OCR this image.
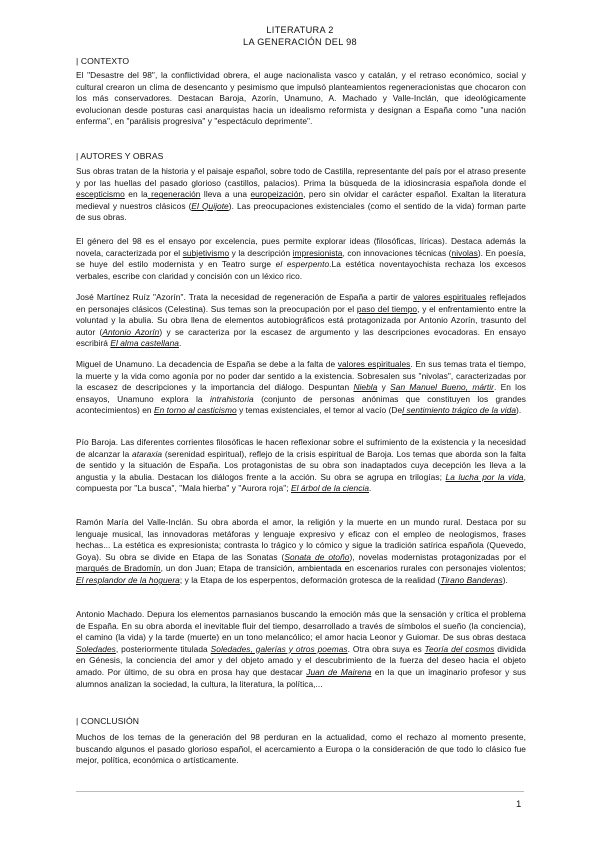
LITERATURA 2
LA GENERACIÓN DEL 98
| CONTEXTO
El "Desastre del 98", la conflictividad obrera, el auge nacionalista vasco y catalán, y el retraso económico, social y cultural crearon un clima de desencanto y pesimismo que impulsó planteamientos regeneracionistas que chocaron con los más conservadores. Destacan Baroja, Azorín, Unamuno, A. Machado y Valle-Inclán, que ideológicamente evolucionan desde posturas casi anarquistas hacia un idealismo reformista y designan a España como "una nación enferma", en "parálisis progresiva" y "espectáculo deprimente".
| AUTORES Y OBRAS
Sus obras tratan de la historia y el paisaje español, sobre todo de Castilla, representante del país por el atraso presente y por las huellas del pasado glorioso (castillos, palacios). Prima la búsqueda de la idiosincrasia española donde el escepticismo en la regeneración lleva a una europeización, pero sin olvidar el carácter español. Exaltan la literatura medieval y nuestros clásicos (El Quijote). Las preocupaciones existenciales (como el sentido de la vida) forman parte de sus obras.
El género del 98 es el ensayo por excelencia, pues permite explorar ideas (filosóficas, líricas). Destaca además la novela, caracterizada por el subjetivismo y la descripción impresionista, con innovaciones técnicas (nivolas). En poesía, se huye del estilo modernista y en Teatro surge el esperpento.La estética noventayochista rechaza los excesos verbales, escribe con claridad y concisión con un léxico rico.
José Martínez Ruíz "Azorín". Trata la necesidad de regeneración de España a partir de valores espirituales reflejados en personajes clásicos (Celestina). Sus temas son la preocupación por el paso del tiempo, y el enfrentamiento entre la voluntad y la abulia. Su obra llena de elementos autobiográficos está protagonizada por Antonio Azorín, trasunto del autor (Antonio Azorín) y se caracteriza por la escasez de argumento y las descripciones evocadoras. En ensayo escribirá El alma castellana.
Miguel de Unamuno. La decadencia de España se debe a la falta de valores espirituales. En sus temas trata el tiempo, la muerte y la vida como agonía por no poder dar sentido a la existencia. Sobresalen sus "nivolas", caracterizadas por la escasez de descripciones y la importancia del diálogo. Despuntan Niebla y San Manuel Bueno, mártir. En los ensayos, Unamuno explora la intrahistoria (conjunto de personas anónimas que constituyen los grandes acontecimientos) en En torno al casticismo y temas existenciales, el temor al vacío (Del sentimiento trágico de la vida).
Pío Baroja. Las diferentes corrientes filosóficas le hacen reflexionar sobre el sufrimiento de la existencia y la necesidad de alcanzar la ataraxia (serenidad espiritual), reflejo de la crisis espiritual de Baroja. Los temas que aborda son la falta de sentido y la situación de España. Los protagonistas de su obra son inadaptados cuya decepción les lleva a la angustia y la abulia. Destacan los diálogos frente a la acción. Su obra se agrupa en trilogías; La lucha por la vida, compuesta por "La busca", "Mala hierba" y "Aurora roja"; El árbol de la ciencia.
Ramón María del Valle-Inclán. Su obra aborda el amor, la religión y la muerte en un mundo rural. Destaca por su lenguaje musical, las innovadoras metáforas y lenguaje expresivo y eficaz con el empleo de neologismos, frases hechas... La estética es expresionista; contrasta lo trágico y lo cómico y sigue la tradición satírica española (Quevedo, Goya). Su obra se divide en Etapa de las Sonatas (Sonata de otoño), novelas modernistas protagonizadas por el marqués de Bradomín, un don Juan; Etapa de transición, ambientada en escenarios rurales con personajes violentos; El resplandor de la hoguera; y la Etapa de los esperpentos, deformación grotesca de la realidad (Tirano Banderas).
Antonio Machado. Depura los elementos parnasianos buscando la emoción más que la sensación y crítica el problema de España. En su obra aborda el inevitable fluir del tiempo, desarrollado a través de símbolos el sueño (la conciencia), el camino (la vida) y la tarde (muerte) en un tono melancólico; el amor hacia Leonor y Guiomar. De sus obras destaca Soledades, posteriormente titulada Soledades, galerías y otros poemas. Otra obra suya es Teoría del cosmos dividida en Génesis, la conciencia del amor y del objeto amado y el descubrimiento de la fuerza del deseo hacia el objeto amado. Por último, de su obra en prosa hay que destacar Juan de Mairena en la que un imaginario profesor y sus alumnos analizan la sociedad, la cultura, la literatura, la política,...
| CONCLUSIÓN
Muchos de los temas de la generación del 98 perduran en la actualidad, como el rechazo al momento presente, buscando algunos el pasado glorioso español, el acercamiento a Europa o la consideración de que todo lo clásico fue mejor, política, económica o artísticamente.
1
